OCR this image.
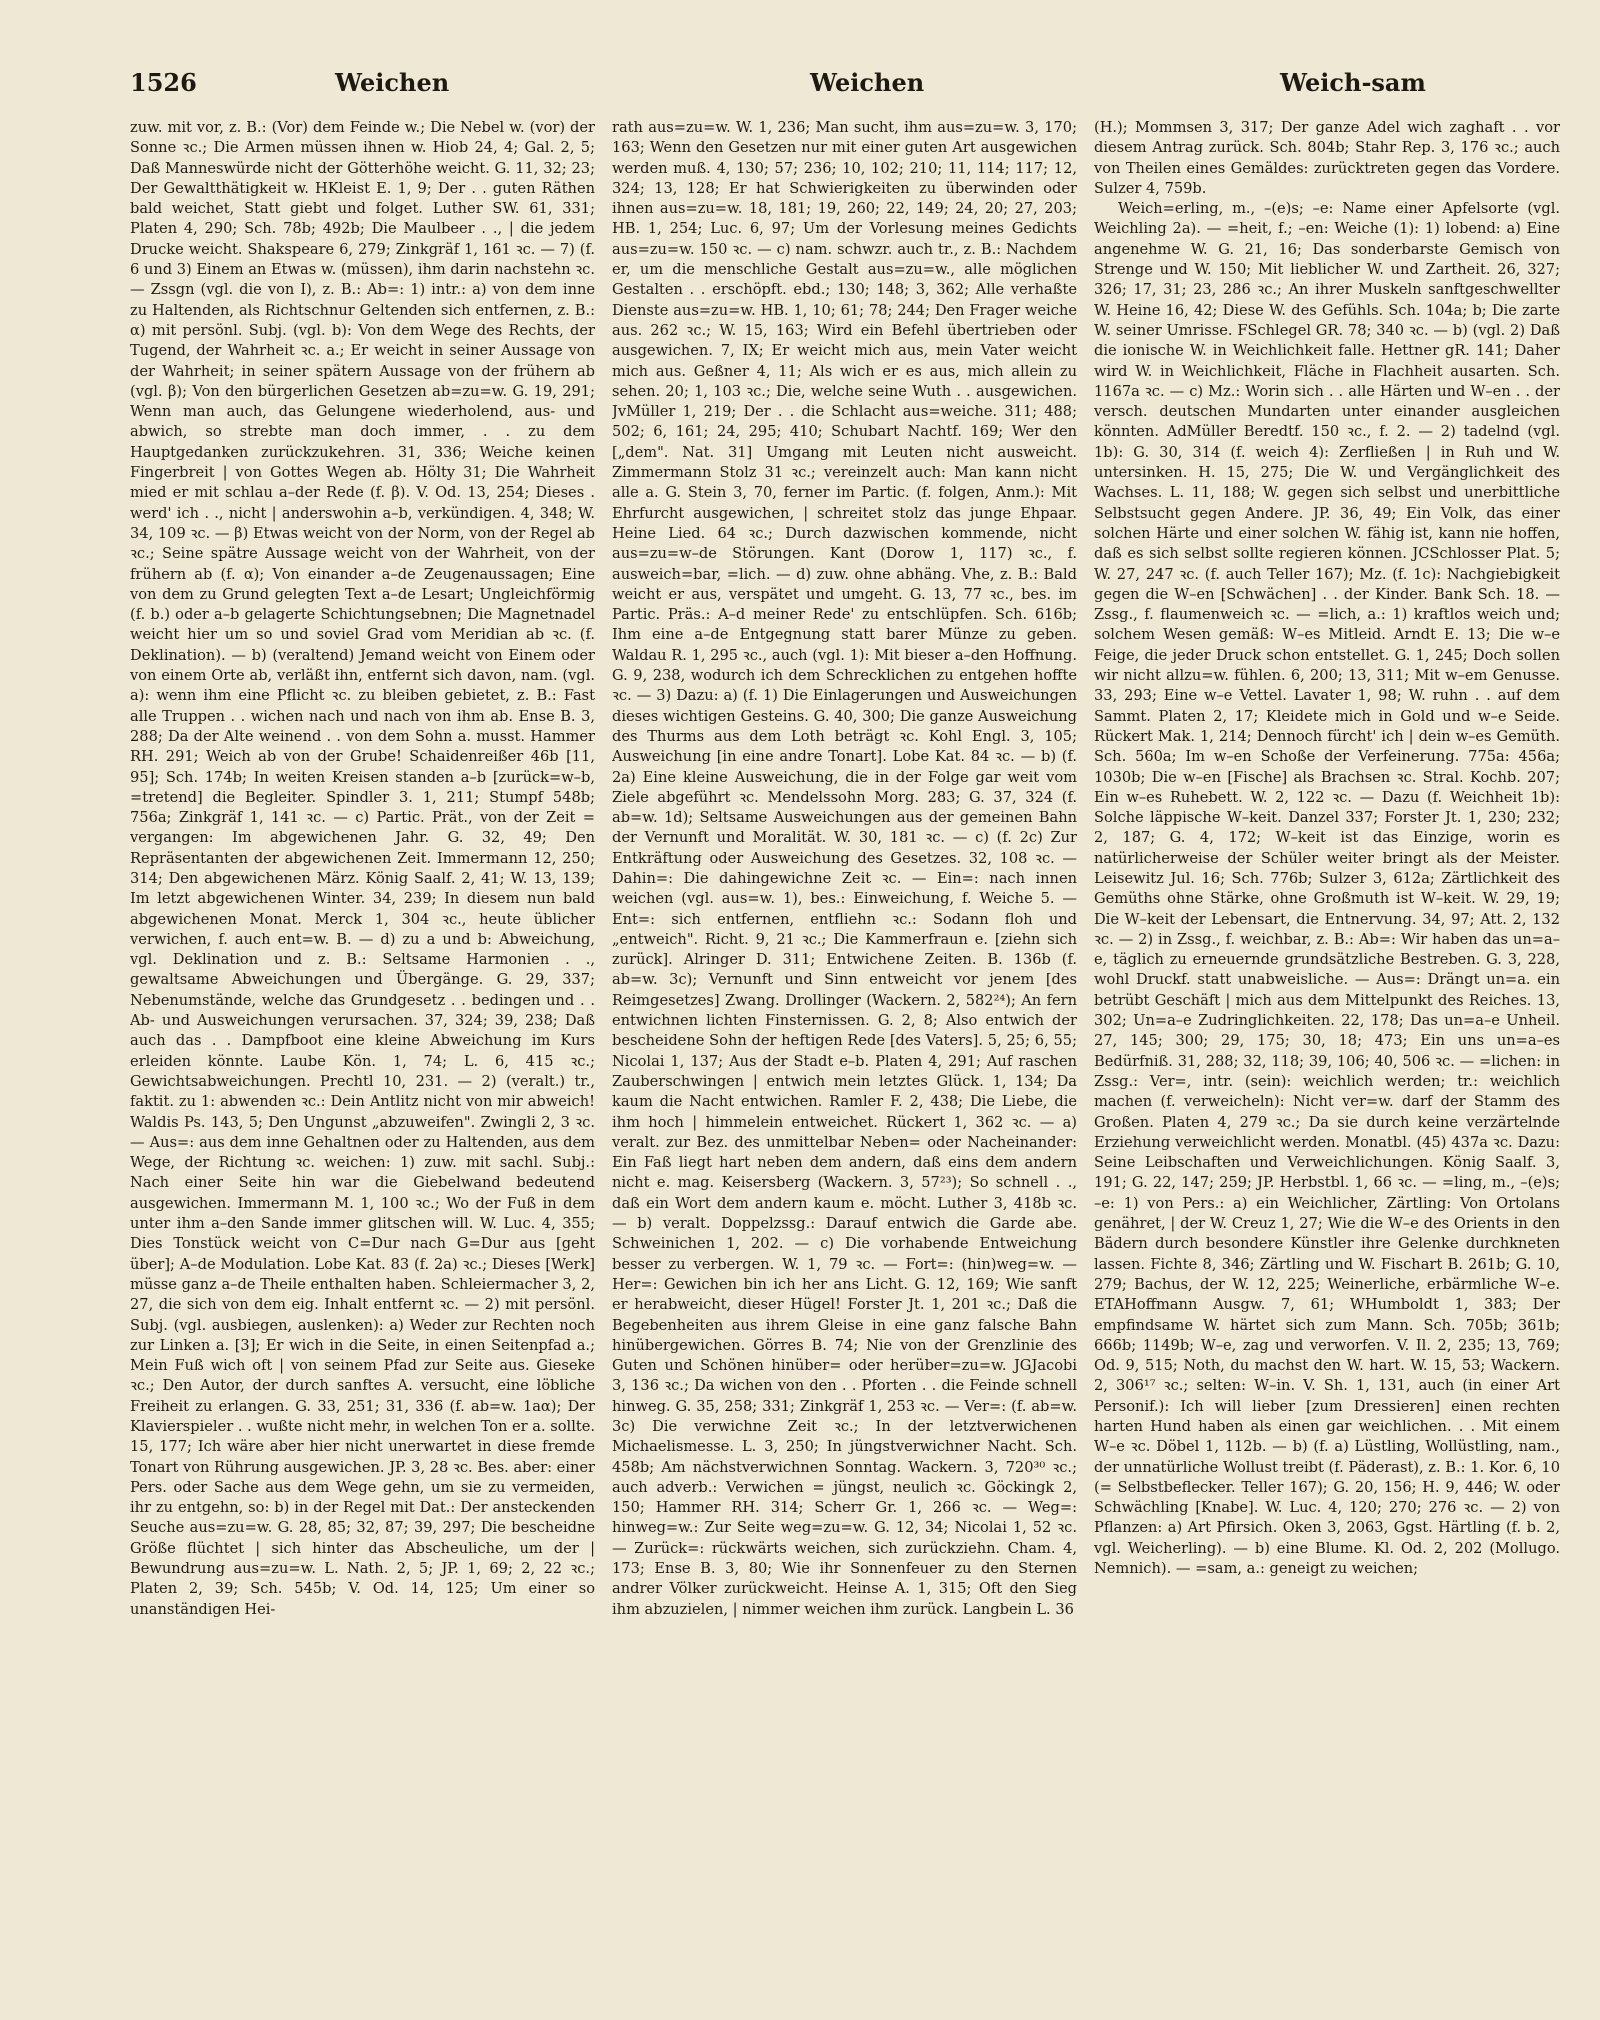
1526	Weichen	Weichen	Weich-sam

zuw. mit vor, z. B.: (Vor) dem Feinde w.; Die Nebel w. (vor) der Sonne ꝛc.; Die Armen müssen ihnen w. Hiob 24, 4; Gal. 2, 5; Daß Manneswürde nicht der Götterhöhe weicht. G. 11, 32; 23; Der Gewaltthätigkeit w. HKleist E. 1, 9; Der . . guten Räthen bald weichet, Statt giebt und folget. Luther SW. 61, 331; Platen 4, 290; Sch. 78b; 492b; Die Maulbeer . ., | die jedem Drucke weicht. Shakspeare 6, 279; Zinkgräf 1, 161 ꝛc. — 7) (f. 6 und 3) Einem an Etwas w. (müssen), ihm darin nachstehn ꝛc. — Zssgn (vgl. die von I), z. B.: Ab=: 1) intr.: a) von dem inne zu Haltenden, als Richtschnur Geltenden sich entfernen, z. B.: α) mit persönl. Subj. (vgl. b): Von dem Wege des Rechts, der Tugend, der Wahrheit ꝛc. a.; Er weicht in seiner Aussage von der Wahrheit; in seiner spätern Aussage von der frühern ab (vgl. β); Von den bürgerlichen Gesetzen ab=zu=w. G. 19, 291; Wenn man auch, das Gelungene wiederholend, aus- und abwich, so strebte man doch immer, . . zu dem Hauptgedanken zurückzukehren. 31, 336; Weiche keinen Fingerbreit | von Gottes Wegen ab. Hölty 31; Die Wahrheit mied er mit schlau a–der Rede (f. β). V. Od. 13, 254; Dieses . werd' ich . ., nicht | anderswohin a–b, verkündigen. 4, 348; W. 34, 109 ꝛc. — β) Etwas weicht von der Norm, von der Regel ab ꝛc.; Seine spätre Aussage weicht von der Wahrheit, von der frühern ab (f. α); Von einander a–de Zeugenaussagen; Eine von dem zu Grund gelegten Text a–de Lesart; Ungleichförmig (f. b.) oder a–b gelagerte Schichtungsebnen; Die Magnetnadel weicht hier um so und soviel Grad vom Meridian ab ꝛc. (f. Deklination). — b) (veraltend) Jemand weicht von Einem oder von einem Orte ab, verläßt ihn, entfernt sich davon, nam. (vgl. a): wenn ihm eine Pflicht ꝛc. zu bleiben gebietet, z. B.: Fast alle Truppen . . wichen nach und nach von ihm ab. Ense B. 3, 288; Da der Alte weinend . . von dem Sohn a. musst. Hammer RH. 291; Weich ab von der Grube! Schaidenreißer 46b [11, 95]; Sch. 174b; In weiten Kreisen standen a–b [zurück=w–b, =tretend] die Begleiter. Spindler 3. 1, 211; Stumpf 548b; 756a; Zinkgräf 1, 141 ꝛc. — c) Partic. Prät., von der Zeit = vergangen: Im abgewichenen Jahr. G. 32, 49; Den Repräsentanten der abgewichenen Zeit. Immermann 12, 250; 314; Den abgewichenen März. König Saalf. 2, 41; W. 13, 139; Im letzt abgewichenen Winter. 34, 239; In diesem nun bald abgewichenen Monat. Merck 1, 304 ꝛc., heute üblicher verwichen, f. auch ent=w. B. — d) zu a und b: Abweichung, vgl. Deklination und z. B.: Seltsame Harmonien . ., gewaltsame Abweichungen und Übergänge. G. 29, 337; Nebenumstände, welche das Grundgesetz . . bedingen und . . Ab- und Ausweichungen verursachen. 37, 324; 39, 238; Daß auch das . . Dampfboot eine kleine Abweichung im Kurs erleiden könnte. Laube Kön. 1, 74; L. 6, 415 ꝛc.; Gewichtsabweichungen. Prechtl 10, 231. — 2) (veralt.) tr., faktit. zu 1: abwenden ꝛc.: Dein Antlitz nicht von mir abweich! Waldis Ps. 143, 5; Den Ungunst „abzuweifen". Zwingli 2, 3 ꝛc. — Aus=: aus dem inne Gehaltnen oder zu Haltenden, aus dem Wege, der Richtung ꝛc. weichen: 1) zuw. mit sachl. Subj.: Nach einer Seite hin war die Giebelwand bedeutend ausgewichen. Immermann M. 1, 100 ꝛc.; Wo der Fuß in dem unter ihm a–den Sande immer glitschen will. W. Luc. 4, 355; Dies Tonstück weicht von C=Dur nach G=Dur aus [geht über]; A–de Modulation. Lobe Kat. 83 (f. 2a) ꝛc.; Dieses [Werk] müsse ganz a–de Theile enthalten haben. Schleiermacher 3, 2, 27, die sich von dem eig. Inhalt entfernt ꝛc. — 2) mit persönl. Subj. (vgl. ausbiegen, auslenken): a) Weder zur Rechten noch zur Linken a. [3]; Er wich in die Seite, in einen Seitenpfad a.; Mein Fuß wich oft | von seinem Pfad zur Seite aus. Gieseke ꝛc.; Den Autor, der durch sanftes A. versucht, eine löbliche Freiheit zu erlangen. G. 33, 251; 31, 336 (f. ab=w. 1aα); Der Klavierspieler . . wußte nicht mehr, in welchen Ton er a. sollte. 15, 177; Ich wäre aber hier nicht unerwartet in diese fremde Tonart von Rührung ausgewichen. JP. 3, 28 ꝛc. Bes. aber: einer Pers. oder Sache aus dem Wege gehn, um sie zu vermeiden, ihr zu entgehn, so: b) in der Regel mit Dat.: Der ansteckenden Seuche aus=zu=w. G. 28, 85; 32, 87; 39, 297; Die bescheidne Größe flüchtet | sich hinter das Abscheuliche, um der | Bewundrung aus=zu=w. L. Nath. 2, 5; JP. 1, 69; 2, 22 ꝛc.; Platen 2, 39; Sch. 545b; V. Od. 14, 125; Um einer so unanständigen Hei-

rath aus=zu=w. W. 1, 236; Man sucht, ihm aus=zu=w. 3, 170; 163; Wenn den Gesetzen nur mit einer guten Art ausgewichen werden muß. 4, 130; 57; 236; 10, 102; 210; 11, 114; 117; 12, 324; 13, 128; Er hat Schwierigkeiten zu überwinden oder ihnen aus=zu=w. 18, 181; 19, 260; 22, 149; 24, 20; 27, 203; HB. 1, 254; Luc. 6, 97; Um der Vorlesung meines Gedichts aus=zu=w. 150 ꝛc. — c) nam. schwzr. auch tr., z. B.: Nachdem er, um die menschliche Gestalt aus=zu=w., alle möglichen Gestalten . . erschöpft. ebd.; 130; 148; 3, 362; Alle verhaßte Dienste aus=zu=w. HB. 1, 10; 61; 78; 244; Den Frager weiche aus. 262 ꝛc.; W. 15, 163; Wird ein Befehl übertrieben oder ausgewichen. 7, IX; Er weicht mich aus, mein Vater weicht mich aus. Geßner 4, 11; Als wich er es aus, mich allein zu sehen. 20; 1, 103 ꝛc.; Die, welche seine Wuth . . ausgewichen. JvMüller 1, 219; Der . . die Schlacht aus=weiche. 311; 488; 502; 6, 161; 24, 295; 410; Schubart Nachtf. 169; Wer den [„dem". Nat. 31] Umgang mit Leuten nicht ausweicht. Zimmermann Stolz 31 ꝛc.; vereinzelt auch: Man kann nicht alle a. G. Stein 3, 70, ferner im Partic. (f. folgen, Anm.): Mit Ehrfurcht ausgewichen, | schreitet stolz das junge Ehpaar. Heine Lied. 64 ꝛc.; Durch dazwischen kommende, nicht aus=zu=w–de Störungen. Kant (Dorow 1, 117) ꝛc., f. ausweich=bar, =lich. — d) zuw. ohne abhäng. Vhe, z. B.: Bald weicht er aus, verspätet und umgeht. G. 13, 77 ꝛc., bes. im Partic. Präs.: A–d meiner Rede' zu entschlüpfen. Sch. 616b; Ihm eine a–de Entgegnung statt barer Münze zu geben. Waldau R. 1, 295 ꝛc., auch (vgl. 1): Mit bieser a–den Hoffnung. G. 9, 238, wodurch ich dem Schrecklichen zu entgehen hoffte ꝛc. — 3) Dazu: a) (f. 1) Die Einlagerungen und Ausweichungen dieses wichtigen Gesteins. G. 40, 300; Die ganze Ausweichung des Thurms aus dem Loth beträgt ꝛc. Kohl Engl. 3, 105; Ausweichung [in eine andre Tonart]. Lobe Kat. 84 ꝛc. — b) (f. 2a) Eine kleine Ausweichung, die in der Folge gar weit vom Ziele abgeführt ꝛc. Mendelssohn Morg. 283; G. 37, 324 (f. ab=w. 1d); Seltsame Ausweichungen aus der gemeinen Bahn der Vernunft und Moralität. W. 30, 181 ꝛc. — c) (f. 2c) Zur Entkräftung oder Ausweichung des Gesetzes. 32, 108 ꝛc. — Dahin=: Die dahingewichne Zeit ꝛc. — Ein=: nach innen weichen (vgl. aus=w. 1), bes.: Einweichung, f. Weiche 5. — Ent=: sich entfernen, entfliehn ꝛc.: Sodann floh und „entweich". Richt. 9, 21 ꝛc.; Die Kammerfraun e. [ziehn sich zurück]. Alringer D. 311; Entwichene Zeiten. B. 136b (f. ab=w. 3c); Vernunft und Sinn entweicht vor jenem [des Reimgesetzes] Zwang. Drollinger (Wackern. 2, 582²⁴); An fern entwichnen lichten Finsternissen. G. 2, 8; Also entwich der bescheidene Sohn der heftigen Rede [des Vaters]. 5, 25; 6, 55; Nicolai 1, 137; Aus der Stadt e–b. Platen 4, 291; Auf raschen Zauberschwingen | entwich mein letztes Glück. 1, 134; Da kaum die Nacht entwichen. Ramler F. 2, 438; Die Liebe, die ihm hoch | himmelein entweichet. Rückert 1, 362 ꝛc. — a) veralt. zur Bez. des unmittelbar Neben= oder Nacheinander: Ein Faß liegt hart neben dem andern, daß eins dem andern nicht e. mag. Keisersberg (Wackern. 3, 57²³); So schnell . ., daß ein Wort dem andern kaum e. möcht. Luther 3, 418b ꝛc. — b) veralt. Doppelzssg.: Darauf entwich die Garde abe. Schweinichen 1, 202. — c) Die vorhabende Entweichung besser zu verbergen. W. 1, 79 ꝛc. — Fort=: (hin)weg=w. — Her=: Gewichen bin ich her ans Licht. G. 12, 169; Wie sanft er herabweicht, dieser Hügel! Forster Jt. 1, 201 ꝛc.; Daß die Begebenheiten aus ihrem Gleise in eine ganz falsche Bahn hinübergewichen. Görres B. 74; Nie von der Grenzlinie des Guten und Schönen hinüber= oder herüber=zu=w. JGJacobi 3, 136 ꝛc.; Da wichen von den . . Pforten . . die Feinde schnell hinweg. G. 35, 258; 331; Zinkgräf 1, 253 ꝛc. — Ver=: (f. ab=w. 3c) Die verwichne Zeit ꝛc.; In der letztverwichenen Michaelismesse. L. 3, 250; In jüngstverwichner Nacht. Sch. 458b; Am nächstverwichnen Sonntag. Wackern. 3, 720³⁰ ꝛc.; auch adverb.: Verwichen = jüngst, neulich ꝛc. Göckingk 2, 150; Hammer RH. 314; Scherr Gr. 1, 266 ꝛc. — Weg=: hinweg=w.: Zur Seite weg=zu=w. G. 12, 34; Nicolai 1, 52 ꝛc. — Zurück=: rückwärts weichen, sich zurückziehn. Cham. 4, 173; Ense B. 3, 80; Wie ihr Sonnenfeuer zu den Sternen andrer Völker zurückweicht. Heinse A. 1, 315; Oft den Sieg ihm abzuzielen, | nimmer weichen ihm zurück. Langbein L. 36

(H.); Mommsen 3, 317; Der ganze Adel wich zaghaft . . vor diesem Antrag zurück. Sch. 804b; Stahr Rep. 3, 176 ꝛc.; auch von Theilen eines Gemäldes: zurücktreten gegen das Vordere. Sulzer 4, 759b.

Weich=erling, m., –(e)s; –e: Name einer Apfelsorte (vgl. Weichling 2a). — =heit, f.; –en: Weiche (1): 1) lobend: a) Eine angenehme W. G. 21, 16; Das sonderbarste Gemisch von Strenge und W. 150; Mit lieblicher W. und Zartheit. 26, 327; 326; 17, 31; 23, 286 ꝛc.; An ihrer Muskeln sanftgeschwellter W. Heine 16, 42; Diese W. des Gefühls. Sch. 104a; b; Die zarte W. seiner Umrisse. FSchlegel GR. 78; 340 ꝛc. — b) (vgl. 2) Daß die ionische W. in Weichlichkeit falle. Hettner gR. 141; Daher wird W. in Weichlichkeit, Fläche in Flachheit ausarten. Sch. 1167a ꝛc. — c) Mz.: Worin sich . . alle Härten und W–en . . der versch. deutschen Mundarten unter einander ausgleichen könnten. AdMüller Beredtf. 150 ꝛc., f. 2. — 2) tadelnd (vgl. 1b): G. 30, 314 (f. weich 4): Zerfließen | in Ruh und W. untersinken. H. 15, 275; Die W. und Vergänglichkeit des Wachses. L. 11, 188; W. gegen sich selbst und unerbittliche Selbstsucht gegen Andere. JP. 36, 49; Ein Volk, das einer solchen Härte und einer solchen W. fähig ist, kann nie hoffen, daß es sich selbst sollte regieren können. JCSchlosser Plat. 5; W. 27, 247 ꝛc. (f. auch Teller 167); Mz. (f. 1c): Nachgiebigkeit gegen die W–en [Schwächen] . . der Kinder. Bank Sch. 18. — Zssg., f. flaumenweich ꝛc. — =lich, a.: 1) kraftlos weich und; solchem Wesen gemäß: W–es Mitleid. Arndt E. 13; Die w–e Feige, die jeder Druck schon entstellet. G. 1, 245; Doch sollen wir nicht allzu=w. fühlen. 6, 200; 13, 311; Mit w–em Genusse. 33, 293; Eine w–e Vettel. Lavater 1, 98; W. ruhn . . auf dem Sammt. Platen 2, 17; Kleidete mich in Gold und w–e Seide. Rückert Mak. 1, 214; Dennoch fürcht' ich | dein w–es Gemüth. Sch. 560a; Im w–en Schoße der Verfeinerung. 775a: 456a; 1030b; Die w–en [Fische] als Brachsen ꝛc. Stral. Kochb. 207; Ein w–es Ruhebett. W. 2, 122 ꝛc. — Dazu (f. Weichheit 1b): Solche läppische W–keit. Danzel 337; Forster Jt. 1, 230; 232; 2, 187; G. 4, 172; W–keit ist das Einzige, worin es natürlicherweise der Schüler weiter bringt als der Meister. Leisewitz Jul. 16; Sch. 776b; Sulzer 3, 612a; Zärtlichkeit des Gemüths ohne Stärke, ohne Großmuth ist W–keit. W. 29, 19; Die W–keit der Lebensart, die Entnervung. 34, 97; Att. 2, 132 ꝛc. — 2) in Zssg., f. weichbar, z. B.: Ab=: Wir haben das un=a–e, täglich zu erneuernde grundsätzliche Bestreben. G. 3, 228, wohl Druckf. statt unabweisliche. — Aus=: Drängt un=a. ein betrübt Geschäft | mich aus dem Mittelpunkt des Reiches. 13, 302; Un=a–e Zudringlichkeiten. 22, 178; Das un=a–e Unheil. 27, 145; 300; 29, 175; 30, 18; 473; Ein uns un=a–es Bedürfniß. 31, 288; 32, 118; 39, 106; 40, 506 ꝛc. — =lichen: in Zssg.: Ver=, intr. (sein): weichlich werden; tr.: weichlich machen (f. verweicheln): Nicht ver=w. darf der Stamm des Großen. Platen 4, 279 ꝛc.; Da sie durch keine verzärtelnde Erziehung verweichlicht werden. Monatbl. (45) 437a ꝛc. Dazu: Seine Leibschaften und Verweichlichungen. König Saalf. 3, 191; G. 22, 147; 259; JP. Herbstbl. 1, 66 ꝛc. — =ling, m., –(e)s; –e: 1) von Pers.: a) ein Weichlicher, Zärtling: Von Ortolans genähret, | der W. Creuz 1, 27; Wie die W–e des Orients in den Bädern durch besondere Künstler ihre Gelenke durchkneten lassen. Fichte 8, 346; Zärtling und W. Fischart B. 261b; G. 10, 279; Bachus, der W. 12, 225; Weinerliche, erbärmliche W–e. ETAHoffmann Ausgw. 7, 61; WHumboldt 1, 383; Der empfindsame W. härtet sich zum Mann. Sch. 705b; 361b; 666b; 1149b; W–e, zag und verworfen. V. Il. 2, 235; 13, 769; Od. 9, 515; Noth, du machst den W. hart. W. 15, 53; Wackern. 2, 306¹⁷ ꝛc.; selten: W–in. V. Sh. 1, 131, auch (in einer Art Personif.): Ich will lieber [zum Dressieren] einen rechten harten Hund haben als einen gar weichlichen. . . Mit einem W–e ꝛc. Döbel 1, 112b. — b) (f. a) Lüstling, Wollüstling, nam., der unnatürliche Wollust treibt (f. Päderast), z. B.: 1. Kor. 6, 10 (= Selbstbeflecker. Teller 167); G. 20, 156; H. 9, 446; W. oder Schwächling [Knabe]. W. Luc. 4, 120; 270; 276 ꝛc. — 2) von Pflanzen: a) Art Pfirsich. Oken 3, 2063, Ggst. Härtling (f. b. 2, vgl. Weicherling). — b) eine Blume. Kl. Od. 2, 202 (Mollugo. Nemnich). — =sam, a.: geneigt zu weichen;
